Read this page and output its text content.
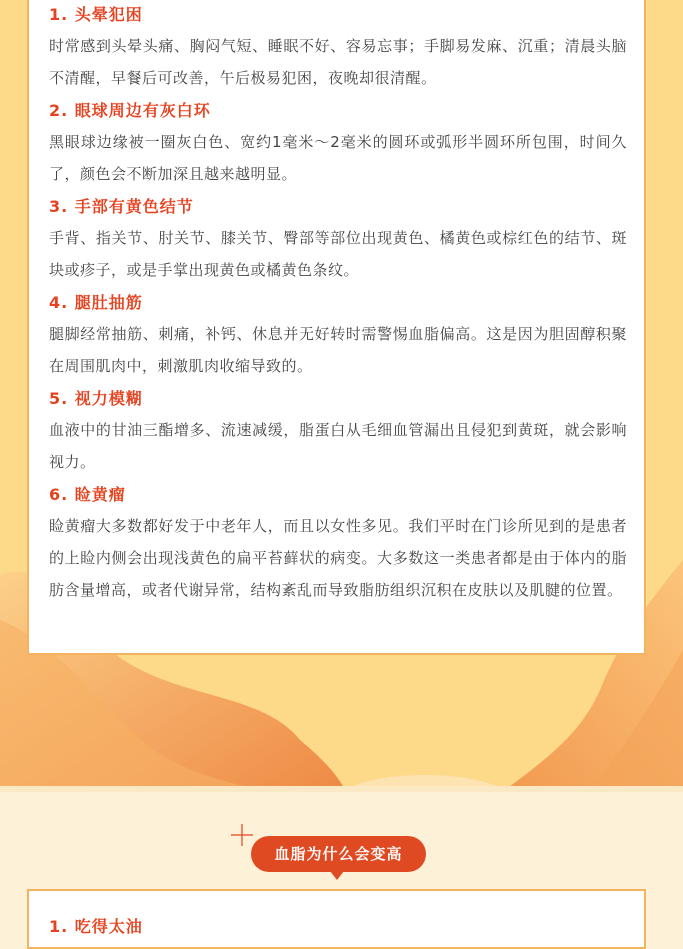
1. 头晕犯困

时常感到头晕头痛、胸闷气短、睡眠不好、容易忘事；手脚易发麻、沉重；清晨头脑不清醒，早餐后可改善，午后极易犯困，夜晚却很清醒。

2. 眼球周边有灰白环

黑眼球边缘被一圈灰白色、宽约1毫米～2毫米的圆环或弧形半圆环所包围，时间久了，颜色会不断加深且越来越明显。

3. 手部有黄色结节

手背、指关节、肘关节、膝关节、臀部等部位出现黄色、橘黄色或棕红色的结节、斑块或疹子，或是手掌出现黄色或橘黄色条纹。

4. 腿肚抽筋

腿脚经常抽筋、刺痛，补钙、休息并无好转时需警惕血脂偏高。这是因为胆固醇积聚在周围肌肉中，刺激肌肉收缩导致的。

5. 视力模糊

血液中的甘油三酯增多、流速减缓，脂蛋白从毛细血管漏出且侵犯到黄斑，就会影响视力。

6. 睑黄瘤

睑黄瘤大多数都好发于中老年人，而且以女性多见。我们平时在门诊所见到的是患者的上睑内侧会出现浅黄色的扁平苔藓状的病变。大多数这一类患者都是由于体内的脂肪含量增高，或者代谢异常，结构紊乱而导致脂肪组织沉积在皮肤以及肌腱的位置。

血脂为什么会变高
1. 吃得太油
